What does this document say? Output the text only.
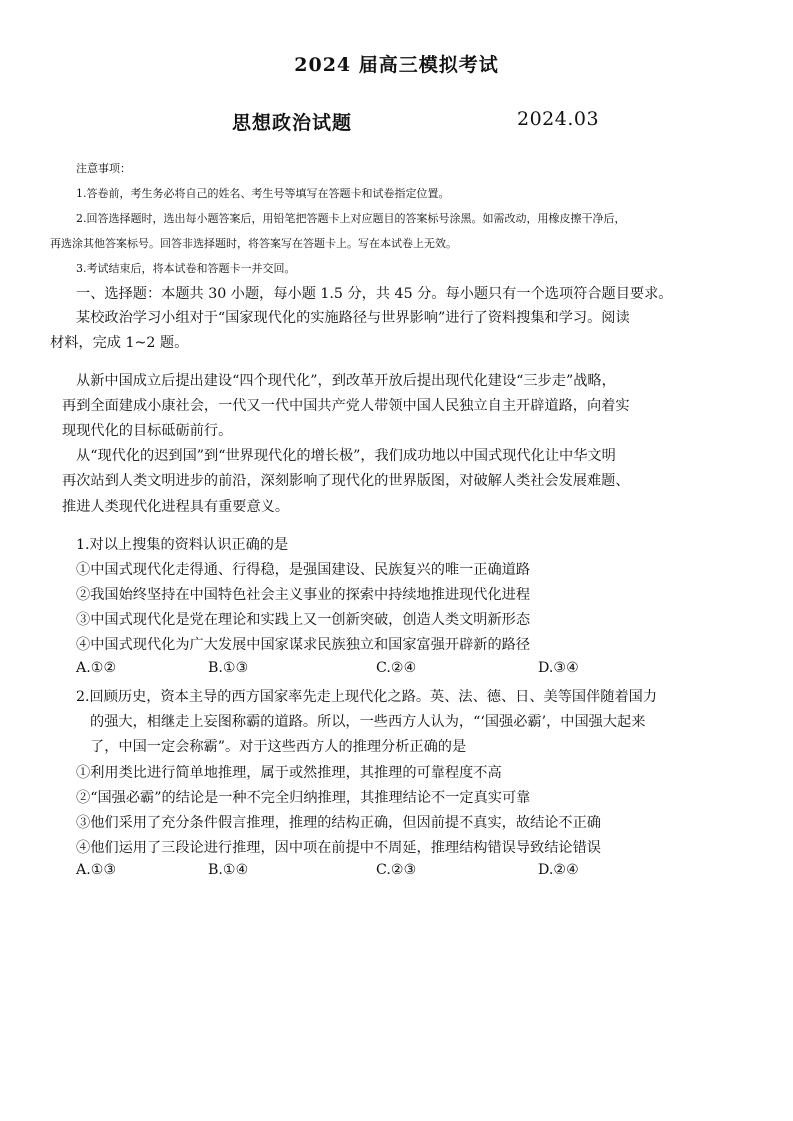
2024 届高三模拟考试
思想政治试题	2024.03
注意事项：
1.答卷前，考生务必将自己的姓名、考生号等填写在答题卡和试卷指定位置。
2.回答选择题时，选出每小题答案后，用铅笔把答题卡上对应题目的答案标号涂黑。如需改动，用橡皮擦干净后，
再选涂其他答案标号。回答非选择题时，将答案写在答题卡上。写在本试卷上无效。
3.考试结束后，将本试卷和答题卡一并交回。
一、选择题：本题共 30 小题，每小题 1.5 分，共 45 分。每小题只有一个选项符合题目要求。
某校政治学习小组对于“国家现代化的实施路径与世界影响”进行了资料搜集和学习。阅读
材料，完成 1~2 题。
从新中国成立后提出建设“四个现代化”，到改革开放后提出现代化建设“三步走”战略，
再到全面建成小康社会，一代又一代中国共产党人带领中国人民独立自主开辟道路，向着实
现现代化的目标砥砺前行。
从“现代化的迟到国”到“世界现代化的增长极”，我们成功地以中国式现代化让中华文明
再次站到人类文明进步的前沿，深刻影响了现代化的世界版图，对破解人类社会发展难题、
推进人类现代化进程具有重要意义。
1.对以上搜集的资料认识正确的是
①中国式现代化走得通、行得稳，是强国建设、民族复兴的唯一正确道路
②我国始终坚持在中国特色社会主义事业的探索中持续地推进现代化进程
③中国式现代化是党在理论和实践上又一创新突破，创造人类文明新形态
④中国式现代化为广大发展中国家谋求民族独立和国家富强开辟新的路径
A.①②	B.①③	C.②④	D.③④
2.回顾历史，资本主导的西方国家率先走上现代化之路。英、法、德、日、美等国伴随着国力
的强大，相继走上妄图称霸的道路。所以，一些西方人认为，“‘国强必霸’，中国强大起来
了，中国一定会称霸”。对于这些西方人的推理分析正确的是
①利用类比进行简单地推理，属于或然推理，其推理的可靠程度不高
②“国强必霸”的结论是一种不完全归纳推理，其推理结论不一定真实可靠
③他们采用了充分条件假言推理，推理的结构正确，但因前提不真实，故结论不正确
④他们运用了三段论进行推理，因中项在前提中不周延，推理结构错误导致结论错误
A.①③	B.①④	C.②③	D.②④
